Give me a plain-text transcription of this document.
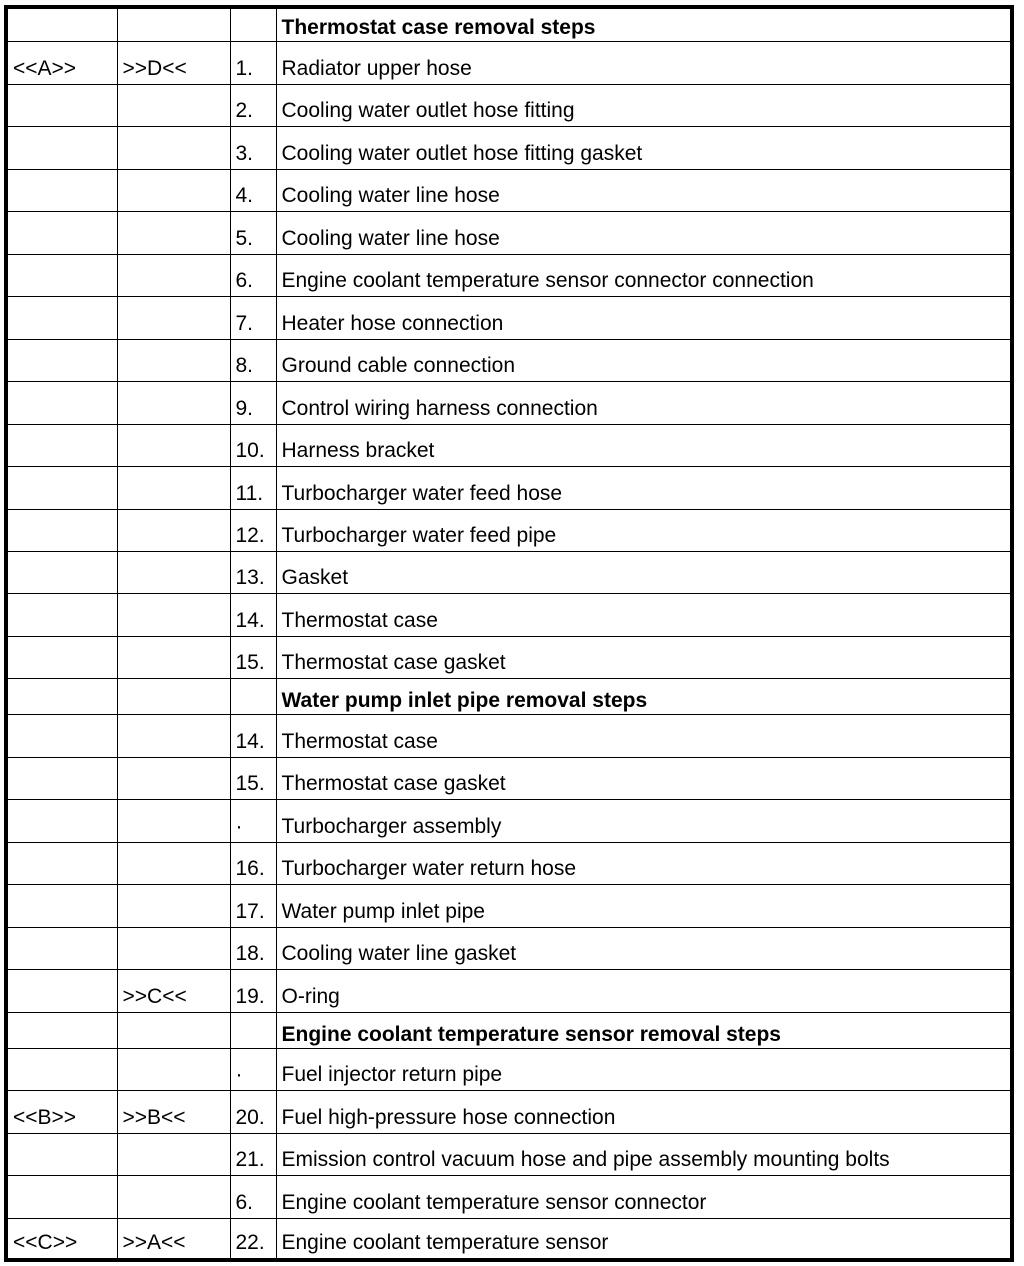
			Thermostat case removal steps
<<A>>	>>D<<	1.	Radiator upper hose
		2.	Cooling water outlet hose fitting
		3.	Cooling water outlet hose fitting gasket
		4.	Cooling water line hose
		5.	Cooling water line hose
		6.	Engine coolant temperature sensor connector connection
		7.	Heater hose connection
		8.	Ground cable connection
		9.	Control wiring harness connection
		10.	Harness bracket
		11.	Turbocharger water feed hose
		12.	Turbocharger water feed pipe
		13.	Gasket
		14.	Thermostat case
		15.	Thermostat case gasket
			Water pump inlet pipe removal steps
		14.	Thermostat case
		15.	Thermostat case gasket
		·	Turbocharger assembly
		16.	Turbocharger water return hose
		17.	Water pump inlet pipe
		18.	Cooling water line gasket
	>>C<<	19.	O-ring
			Engine coolant temperature sensor removal steps
		·	Fuel injector return pipe
<<B>>	>>B<<	20.	Fuel high-pressure hose connection
		21.	Emission control vacuum hose and pipe assembly mounting bolts
		6.	Engine coolant temperature sensor connector
<<C>>	>>A<<	22.	Engine coolant temperature sensor
